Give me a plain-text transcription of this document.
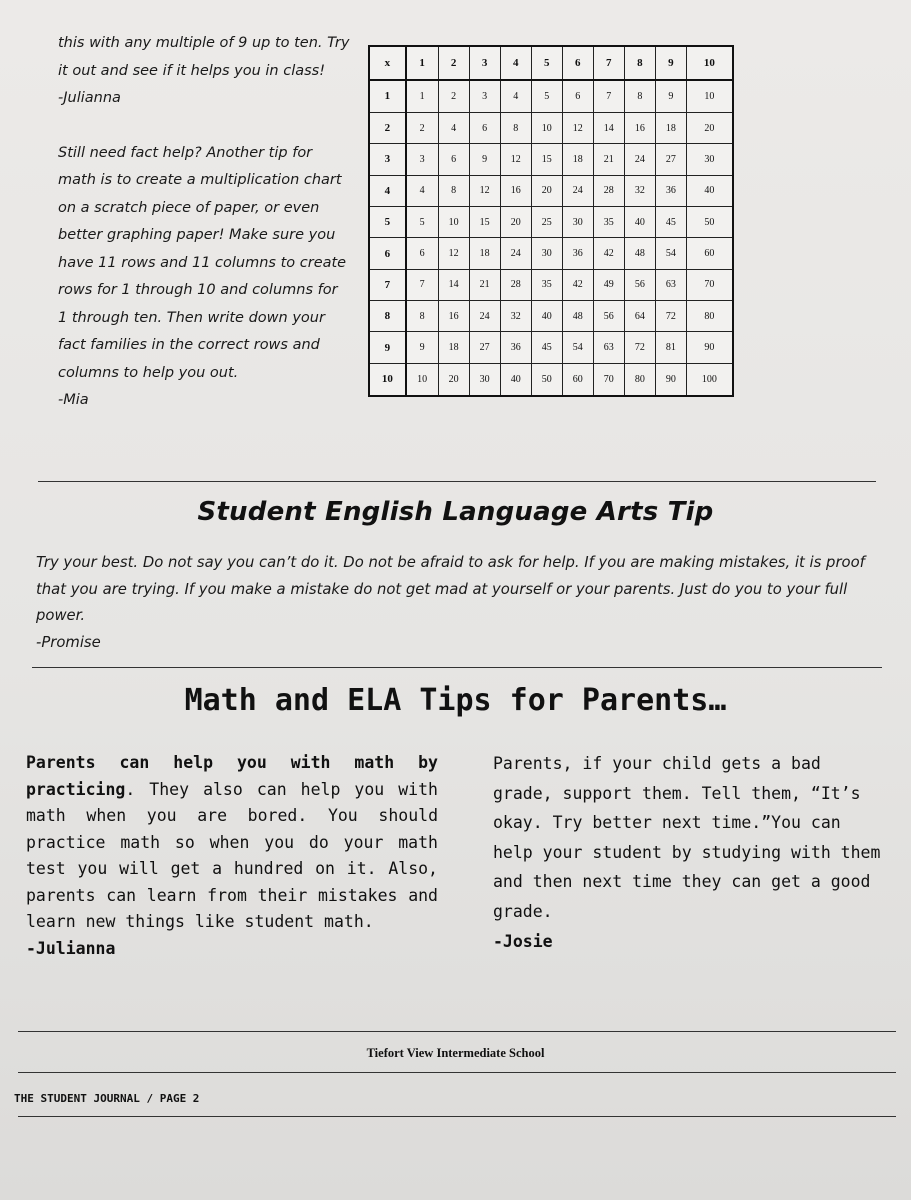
this with any multiple of 9 up to ten. Try

it out and see if it helps you in class!

-Julianna

Still need fact help? Another tip for

math is to create a multiplication chart

on a scratch piece of paper, or even

better graphing paper! Make sure you

have 11 rows and 11 columns to create

rows for 1 through 10 and columns for

1 through ten. Then write down your

fact families in the correct rows and

columns to help you out.

-Mia

x	1	2	3	4	5	6	7	8	9	10
1	1	2	3	4	5	6	7	8	9	10
2	2	4	6	8	10	12	14	16	18	20
3	3	6	9	12	15	18	21	24	27	30
4	4	8	12	16	20	24	28	32	36	40
5	5	10	15	20	25	30	35	40	45	50
6	6	12	18	24	30	36	42	48	54	60
7	7	14	21	28	35	42	49	56	63	70
8	8	16	24	32	40	48	56	64	72	80
9	9	18	27	36	45	54	63	72	81	90
10	10	20	30	40	50	60	70	80	90	100
Student English Language Arts Tip

Try your best. Do not say you can’t do it. Do not be afraid to ask for help. If you are making mistakes, it is proof

that you are trying. If you make a mistake do not get mad at yourself or your parents. Just do you to your full

power.

-Promise

Math and ELA Tips for Parents…

Parents can help you with math by practicing. They also can help you with math when you are bored. You should practice math so when you do your math test you will get a hundred on it. Also, parents can learn from their mistakes and learn new things like student math.

-Julianna

Parents, if your child gets a bad grade, support them. Tell them, “It’s okay. Try better next time.”You can help your student by studying with them and then next time they can get a good grade.

-Josie

Tiefort View Intermediate School
THE STUDENT JOURNAL / PAGE 2
